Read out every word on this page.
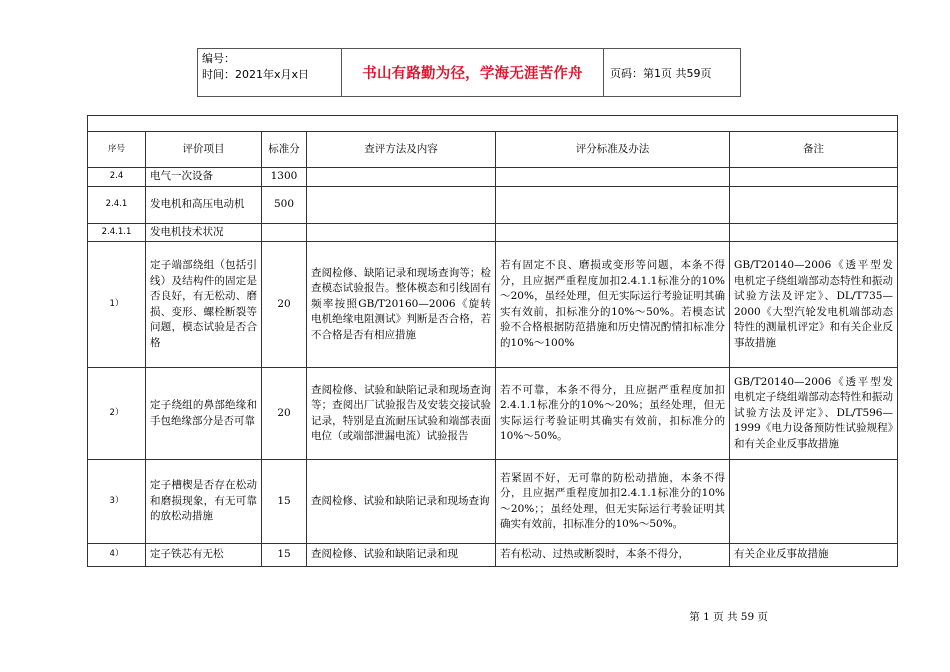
编号：
时间：2021年x月x日	书山有路勤为径，学海无涯苦作舟	页码：第1页 共59页

序号	评价项目	标准分	查评方法及内容	评分标准及办法	备注
2.4	电气一次设备	1300			
2.4.1	发电机和高压电动机	500			
2.4.1.1	发电机技术状况				
1）	定子端部绕组（包括引线）及结构件的固定是否良好，有无松动、磨损、变形、螺栓断裂等问题，模态试验是否合格	20	查阅检修、缺陷记录和现场查询等；检查模态试验报告。整体模态和引线固有频率按照GB/T20160—2006《旋转电机绝缘电阻测试》判断是否合格，若不合格是否有相应措施	若有固定不良、磨损或变形等问题，本条不得分，且应据严重程度加扣2.4.1.1标准分的10%～20%，虽经处理，但无实际运行考验证明其确实有效前，扣标准分的10%～50%。若模态试验不合格根据防范措施和历史情况酌情扣标准分的10%～100%	GB/T20140—2006《透平型发电机定子绕组端部动态特性和振动试验方法及评定》、DL/T735—2000《大型汽轮发电机端部动态特性的测量机评定》和有关企业反事故措施
2）	定子绕组的鼻部绝缘和手包绝缘部分是否可靠	20	查阅检修、试验和缺陷记录和现场查询等；查阅出厂试验报告及安装交接试验记录，特别是直流耐压试验和端部表面电位（或端部泄漏电流）试验报告	若不可靠，本条不得分，且应据严重程度加扣2.4.1.1标准分的10%～20%；虽经处理，但无实际运行考验证明其确实有效前，扣标准分的10%～50%。	GB/T20140—2006《透平型发电机定子绕组端部动态特性和振动试验方法及评定》、DL/T596—1999《电力设备预防性试验规程》和有关企业反事故措施
3）	定子槽楔是否存在松动和磨损现象，有无可靠的放松动措施	15	查阅检修、试验和缺陷记录和现场查询	若紧固不好，无可靠的防松动措施，本条不得分，且应据严重程度加扣2.4.1.1标准分的10%～20%；；虽经处理，但无实际运行考验证明其确实有效前，扣标准分的10%～50%。	
4）	定子铁芯有无松	15	查阅检修、试验和缺陷记录和现	若有松动、过热或断裂时，本条不得分，	有关企业反事故措施
第 1 页 共 59 页
